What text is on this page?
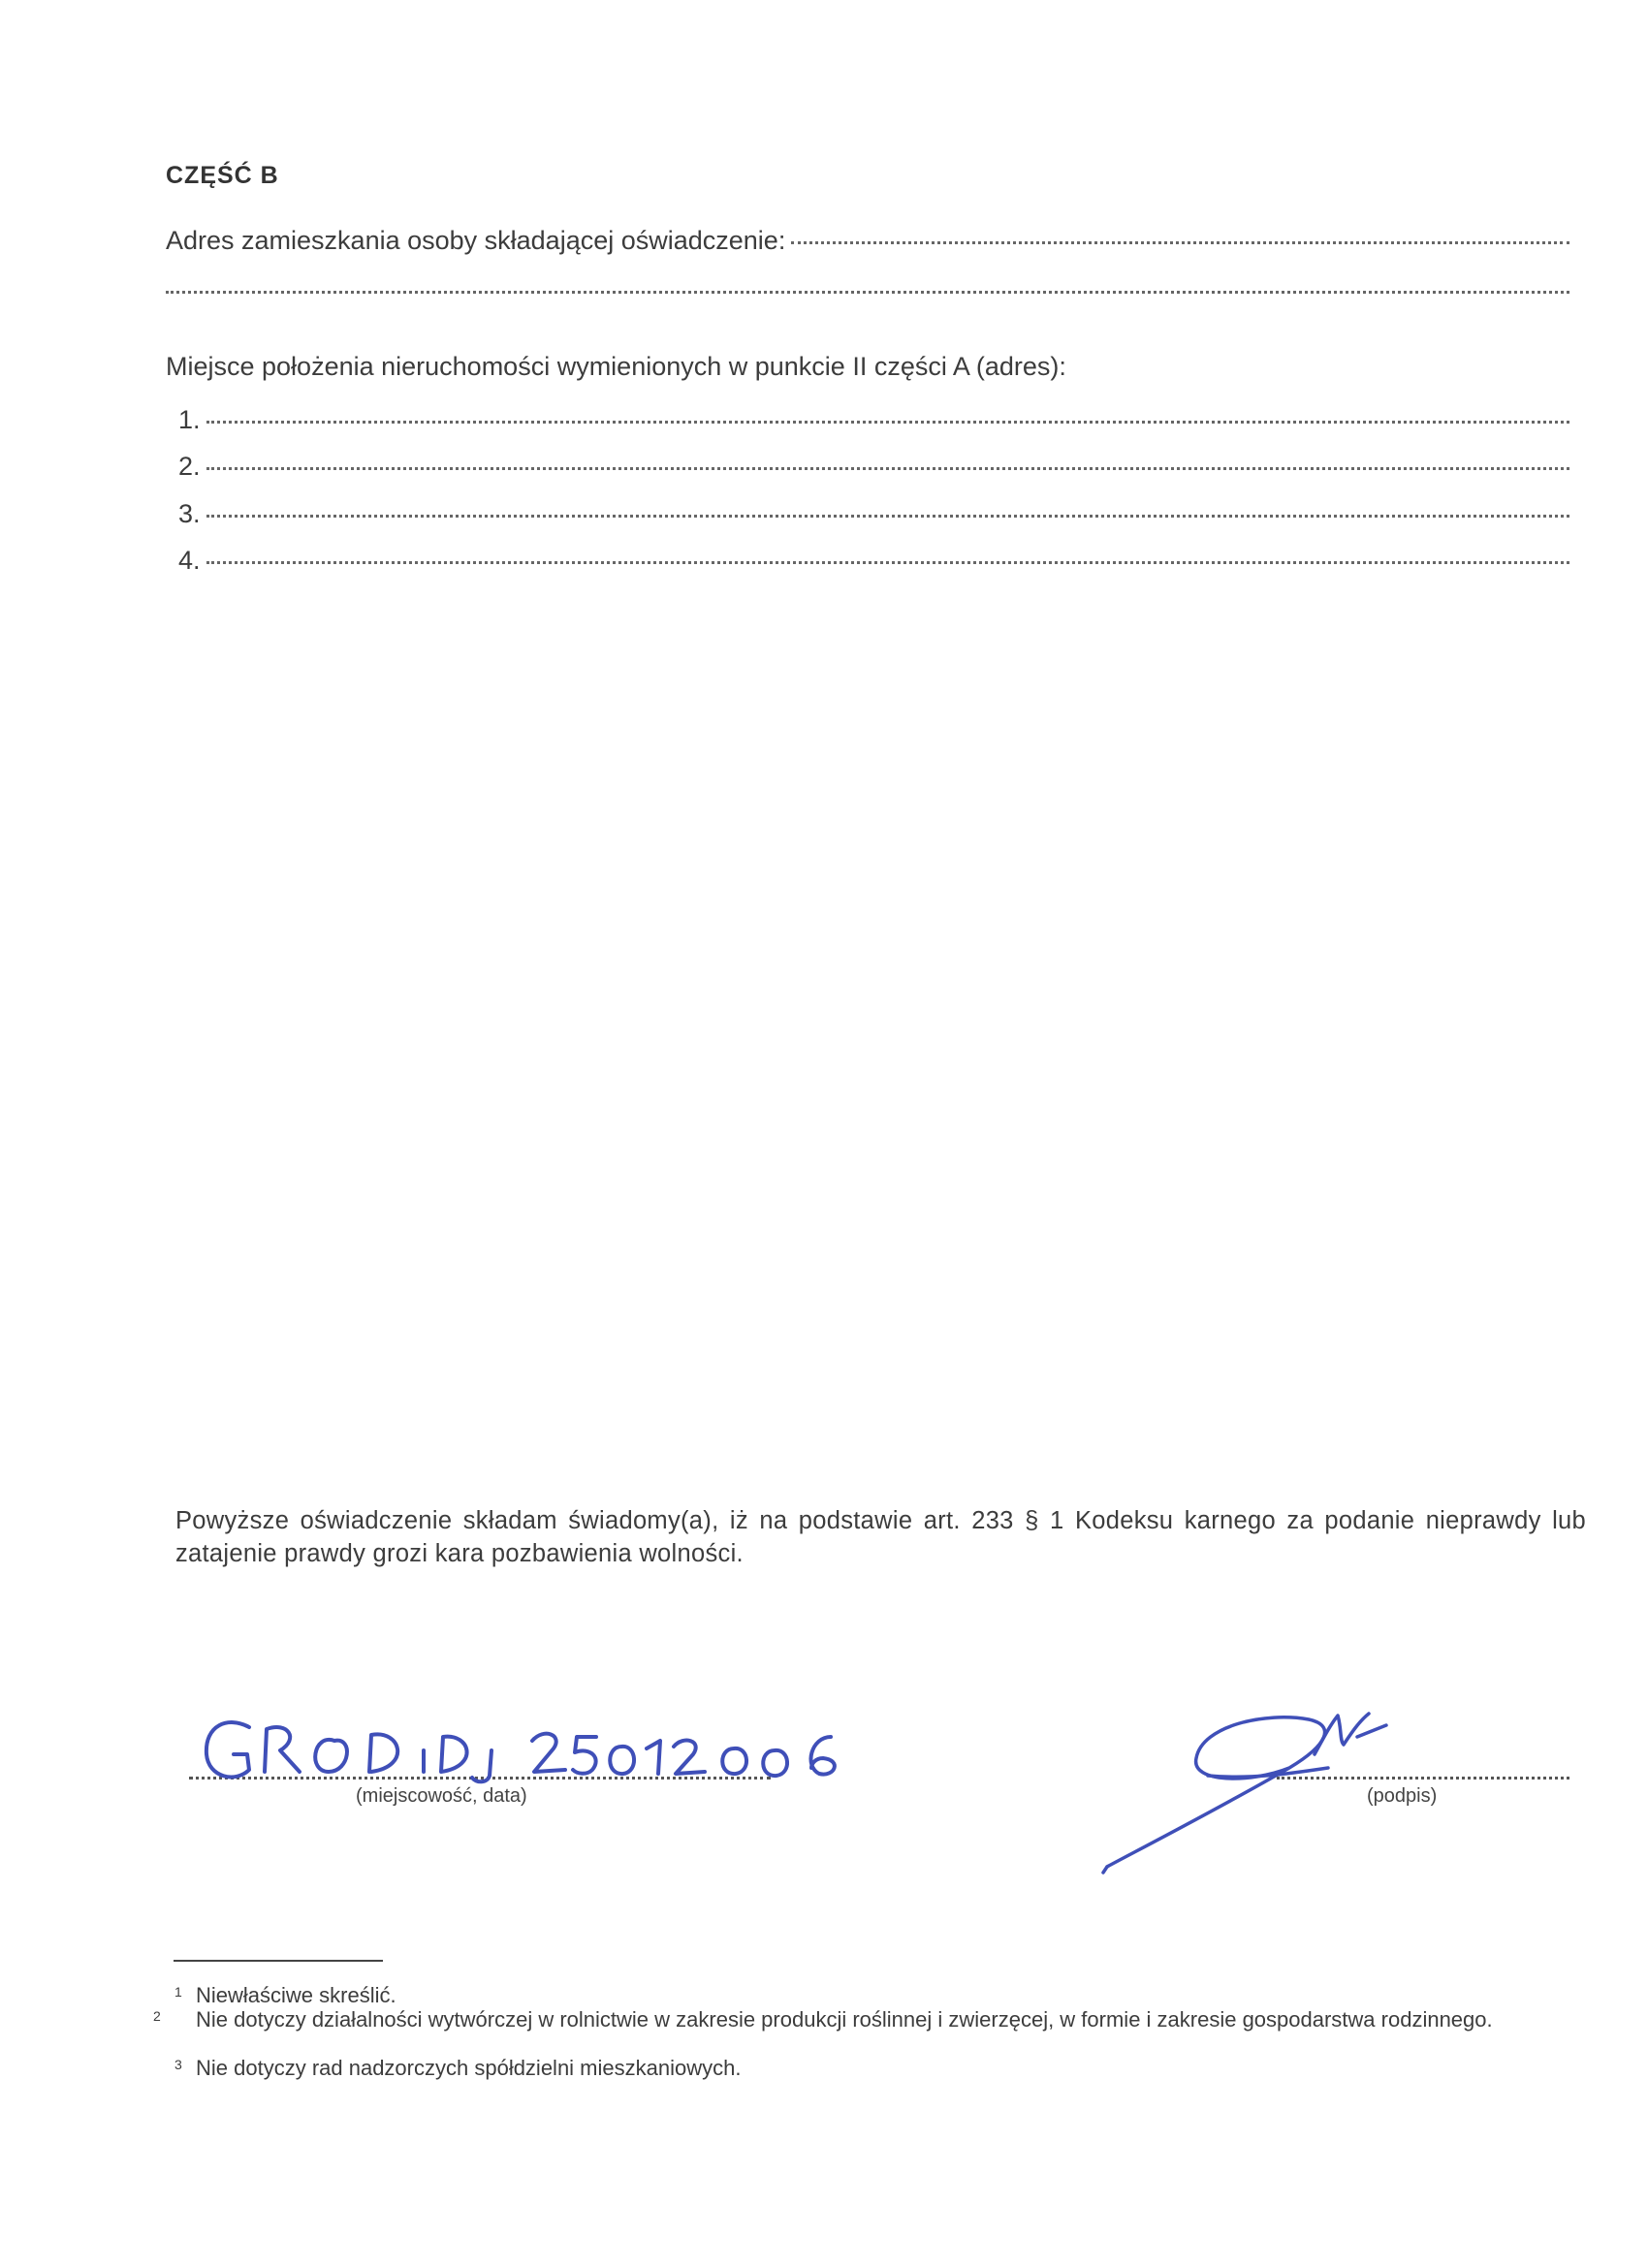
CZĘŚĆ B
Adres zamieszkania osoby składającej oświadczenie:
Miejsce położenia nieruchomości wymienionych w punkcie II części A (adres):
1.
2.
3.
4.
Powyższe oświadczenie składam świadomy(a), iż na podstawie art. 233 § 1 Kodeksu karnego za podanie nieprawdy lub zatajenie prawdy grozi kara pozbawienia wolności.
(miejscowość, data)	(podpis)
$^1$ Niewłaściwe skreślić.
$^2$ Nie dotyczy działalności wytwórczej w rolnictwie w zakresie produkcji roślinnej i zwierzęcej, w formie i zakresie gospodarstwa rodzinnego.
$^3$ Nie dotyczy rad nadzorczych spółdzielni mieszkaniowych.
